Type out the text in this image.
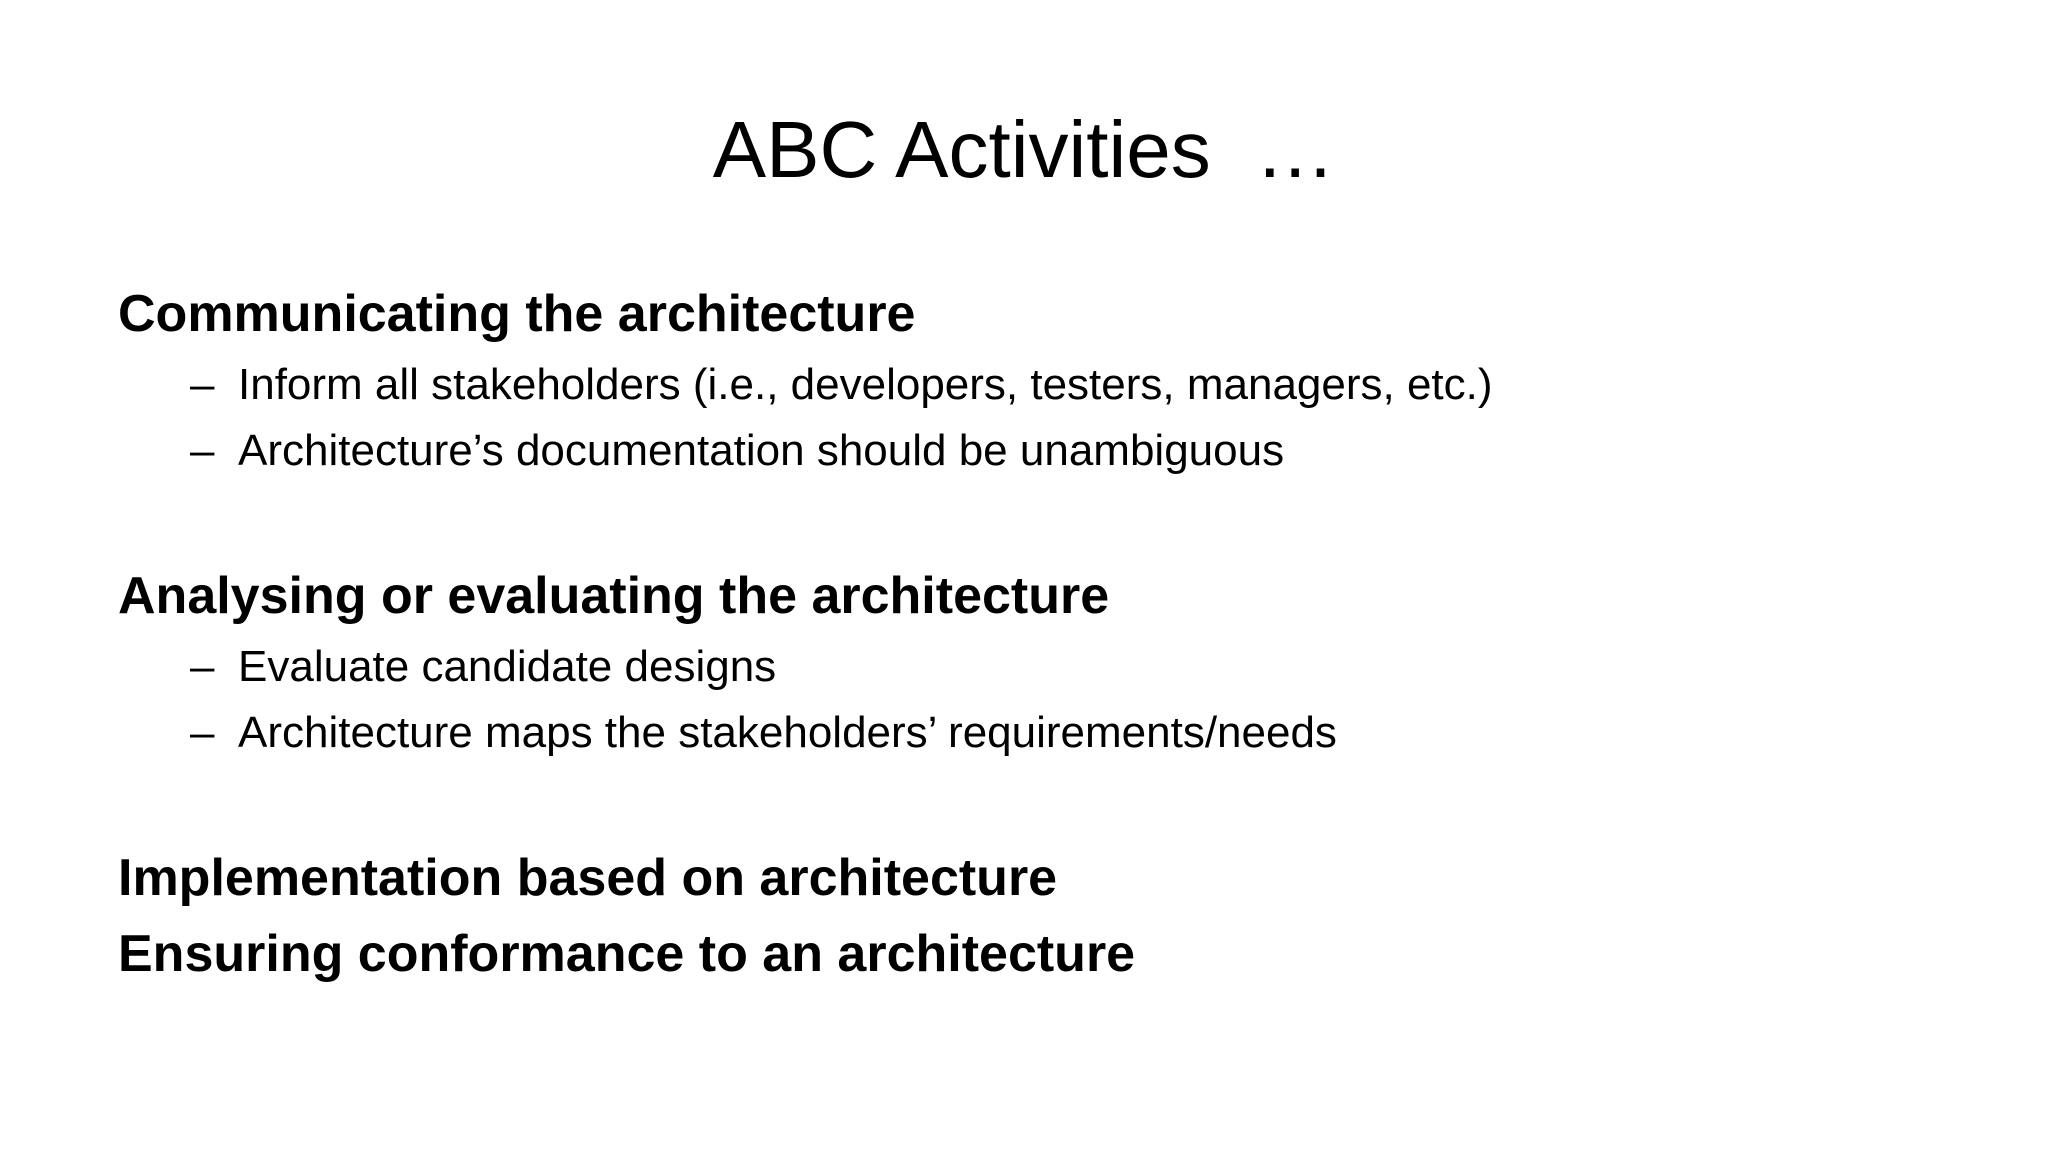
ABC Activities  …
Communicating the architecture
– Inform all stakeholders (i.e., developers, testers, managers, etc.)
– Architecture’s documentation should be unambiguous
Analysing or evaluating the architecture
– Evaluate candidate designs
– Architecture maps the stakeholders’ requirements/needs
Implementation based on architecture
Ensuring conformance to an architecture
